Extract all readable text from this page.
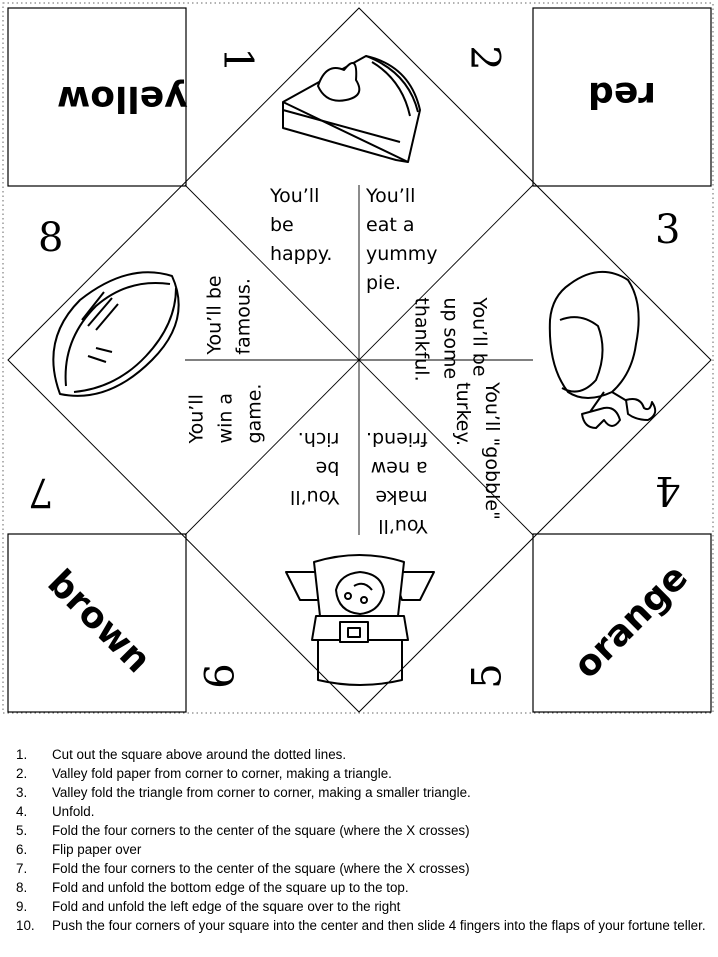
yellow	red
brown	orange
1	2
3
4
5
6
7
8
You’ll
be
happy.
You’ll
eat a
yummy
pie.
You’ll be
up some
thankful.
You’ll "gobble"
turkey.
You’ll
make
a new
friend.
You’ll
be
rich.
You’ll
win a
game.
You’ll be
famous.
1.	Cut out the square above around the dotted lines.
2.	Valley fold paper from corner to corner, making a triangle.
3.	Valley fold the triangle from corner to corner, making a smaller triangle.
4.	Unfold.
5.	Fold the four corners to the center of the square (where the X crosses)
6.	Flip paper over
7.	Fold the four corners to the center of the square (where the X crosses)
8.	Fold and unfold the bottom edge of the square up to the top.
9.	Fold and unfold the left edge of the square over to the right
10.	Push the four corners of your square into the center and then slide 4 fingers into the flaps of your fortune teller.
